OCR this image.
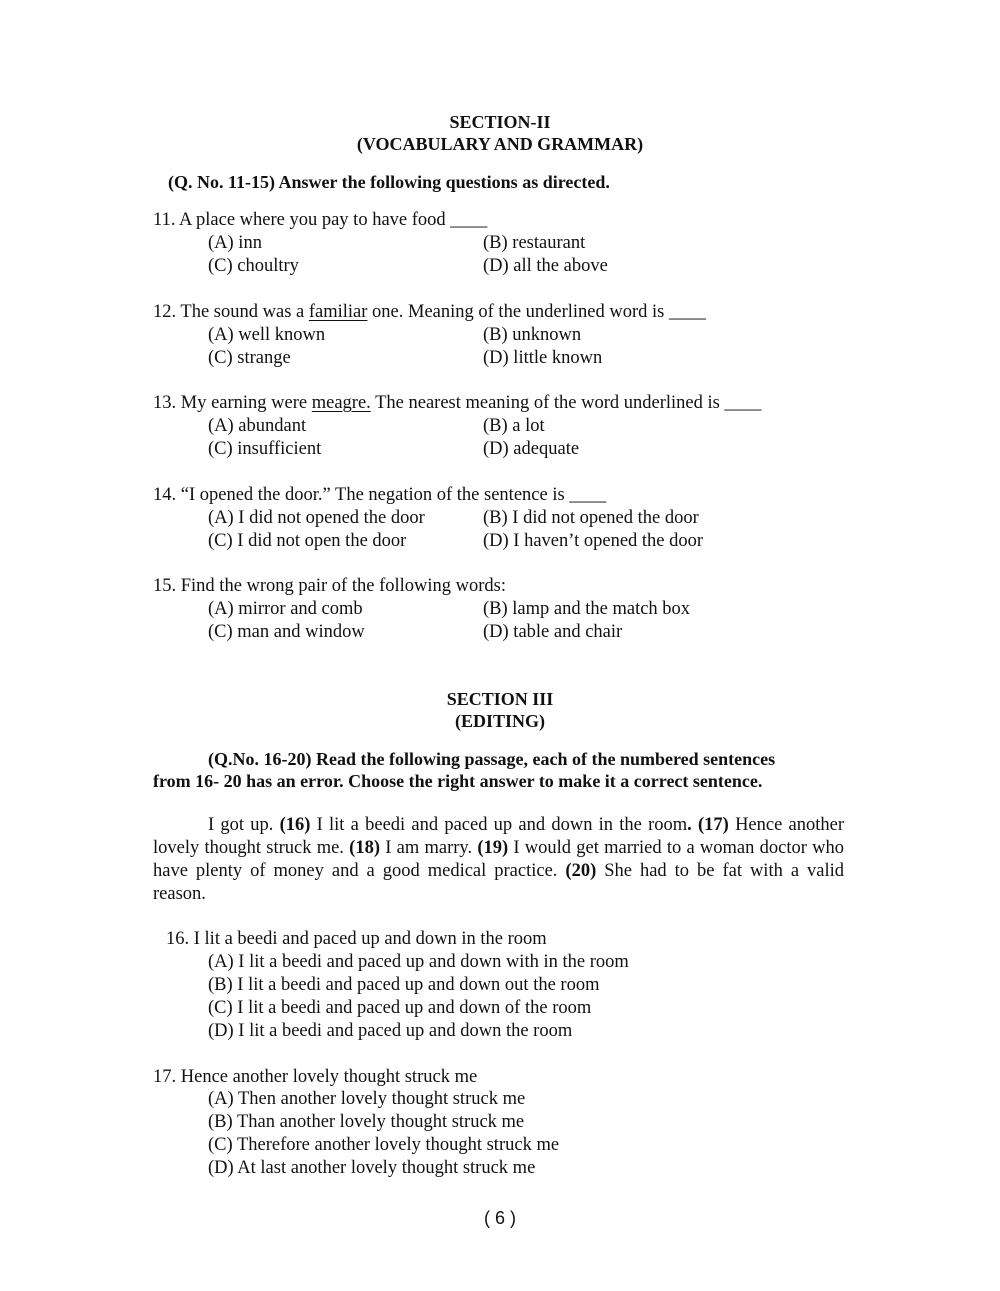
SECTION-II
(VOCABULARY AND GRAMMAR)
(Q. No. 11-15) Answer the following questions as directed.
11. A place where you pay to have food ____
(A) inn	(B) restaurant
(C) choultry	(D) all the above
12. The sound was a familiar one. Meaning of the underlined word is ____
(A) well known	(B) unknown
(C) strange	(D) little known
13. My earning were meagre. The nearest meaning of the word underlined is ____
(A) abundant	(B) a lot
(C) insufficient	(D) adequate
14. “I opened the door.” The negation of the sentence is ____
(A) I did not opened the door	(B) I did not opened the door
(C) I did not open the door	(D) I haven’t opened the door
15. Find the wrong pair of the following words:
(A) mirror and comb	(B) lamp and the match box
(C) man and window	(D) table and chair
SECTION III
(EDITING)
(Q.No. 16-20) Read the following passage, each of the numbered sentences
from 16- 20 has an error. Choose the right answer to make it a correct sentence.
I got up. (16) I lit a beedi and paced up and down in the room. (17) Hence another lovely thought struck me. (18) I am marry. (19) I would get married to a woman doctor who have plenty of money and a good medical practice. (20) She had to be fat with a valid reason.
16. I lit a beedi and paced up and down in the room
(A) I lit a beedi and paced up and down with in the room
(B) I lit a beedi and paced up and down out the room
(C) I lit a beedi and paced up and down of the room
(D) I lit a beedi and paced up and down the room
17. Hence another lovely thought struck me
(A) Then another lovely thought struck me
(B) Than another lovely thought struck me
(C) Therefore another lovely thought struck me
(D) At last another lovely thought struck me
( 6 )
